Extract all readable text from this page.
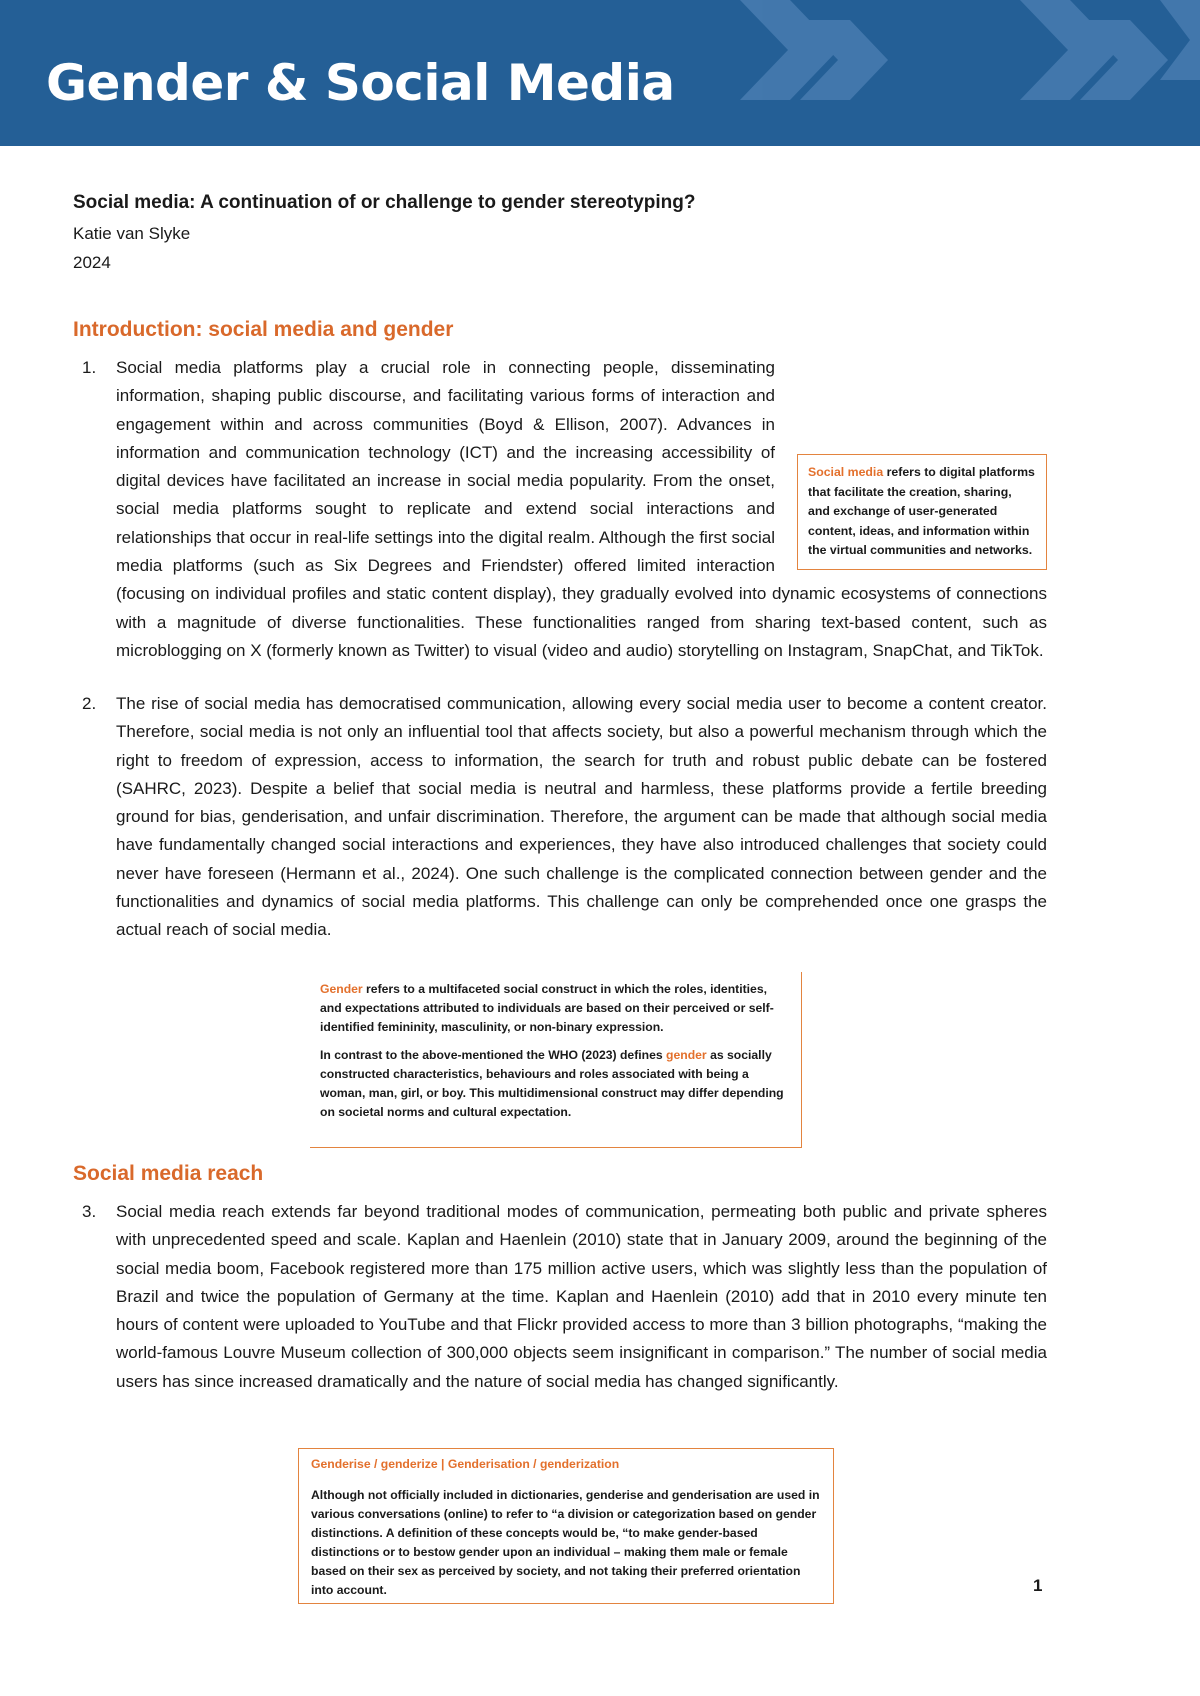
Gender & Social Media
Social media: A continuation of or challenge to gender stereotyping?
Katie van Slyke
2024
Introduction: social media and gender
1.
Social media refers to digital platforms that facilitate the creation, sharing, and exchange of user-generated content, ideas, and information within the virtual communities and networks.
Social media platforms play a crucial role in connecting people, disseminating information, shaping public discourse, and facilitating various forms of interaction and engagement within and across communities (Boyd & Ellison, 2007). Advances in information and communication technology (ICT) and the increasing accessibility of digital devices have facilitated an increase in social media popularity. From the onset, social media platforms sought to replicate and extend social interactions and relationships that occur in real-life settings into the digital realm. Although the first social media platforms (such as Six Degrees and Friendster) offered limited interaction (focusing on individual profiles and static content display), they gradually evolved into dynamic ecosystems of connections with a magnitude of diverse functionalities. These functionalities ranged from sharing text-based content, such as microblogging on X (formerly known as Twitter) to visual (video and audio) storytelling on Instagram, SnapChat, and TikTok.
2. The rise of social media has democratised communication, allowing every social media user to become a content creator. Therefore, social media is not only an influential tool that affects society, but also a powerful mechanism through which the right to freedom of expression, access to information, the search for truth and robust public debate can be fostered (SAHRC, 2023). Despite a belief that social media is neutral and harmless, these platforms provide a fertile breeding ground for bias, genderisation, and unfair discrimination. Therefore, the argument can be made that although social media have fundamentally changed social interactions and experiences, they have also introduced challenges that society could never have foreseen (Hermann et al., 2024). One such challenge is the complicated connection between gender and the functionalities and dynamics of social media platforms. This challenge can only be comprehended once one grasps the actual reach of social media.

Gender refers to a multifaceted social construct in which the roles, identities, and expectations attributed to individuals are based on their perceived or self-identified femininity, masculinity, or non-binary expression.

In contrast to the above-mentioned the WHO (2023) defines gender as socially constructed characteristics, behaviours and roles associated with being a woman, man, girl, or boy. This multidimensional construct may differ depending on societal norms and cultural expectation.

Social media reach
3. Social media reach extends far beyond traditional modes of communication, permeating both public and private spheres with unprecedented speed and scale. Kaplan and Haenlein (2010) state that in January 2009, around the beginning of the social media boom, Facebook registered more than 175 million active users, which was slightly less than the population of Brazil and twice the population of Germany at the time. Kaplan and Haenlein (2010) add that in 2010 every minute ten hours of content were uploaded to YouTube and that Flickr provided access to more than 3 billion photographs, “making the world-famous Louvre Museum collection of 300,000 objects seem insignificant in comparison.” The number of social media users has since increased dramatically and the nature of social media has changed significantly.

Genderise / genderize | Genderisation / genderization

Although not officially included in dictionaries, genderise and genderisation are used in various conversations (online) to refer to “a division or categorization based on gender distinctions. A definition of these concepts would be, “to make gender-based distinctions or to bestow gender upon an individual – making them male or female based on their sex as perceived by society, and not taking their preferred orientation into account.	1
